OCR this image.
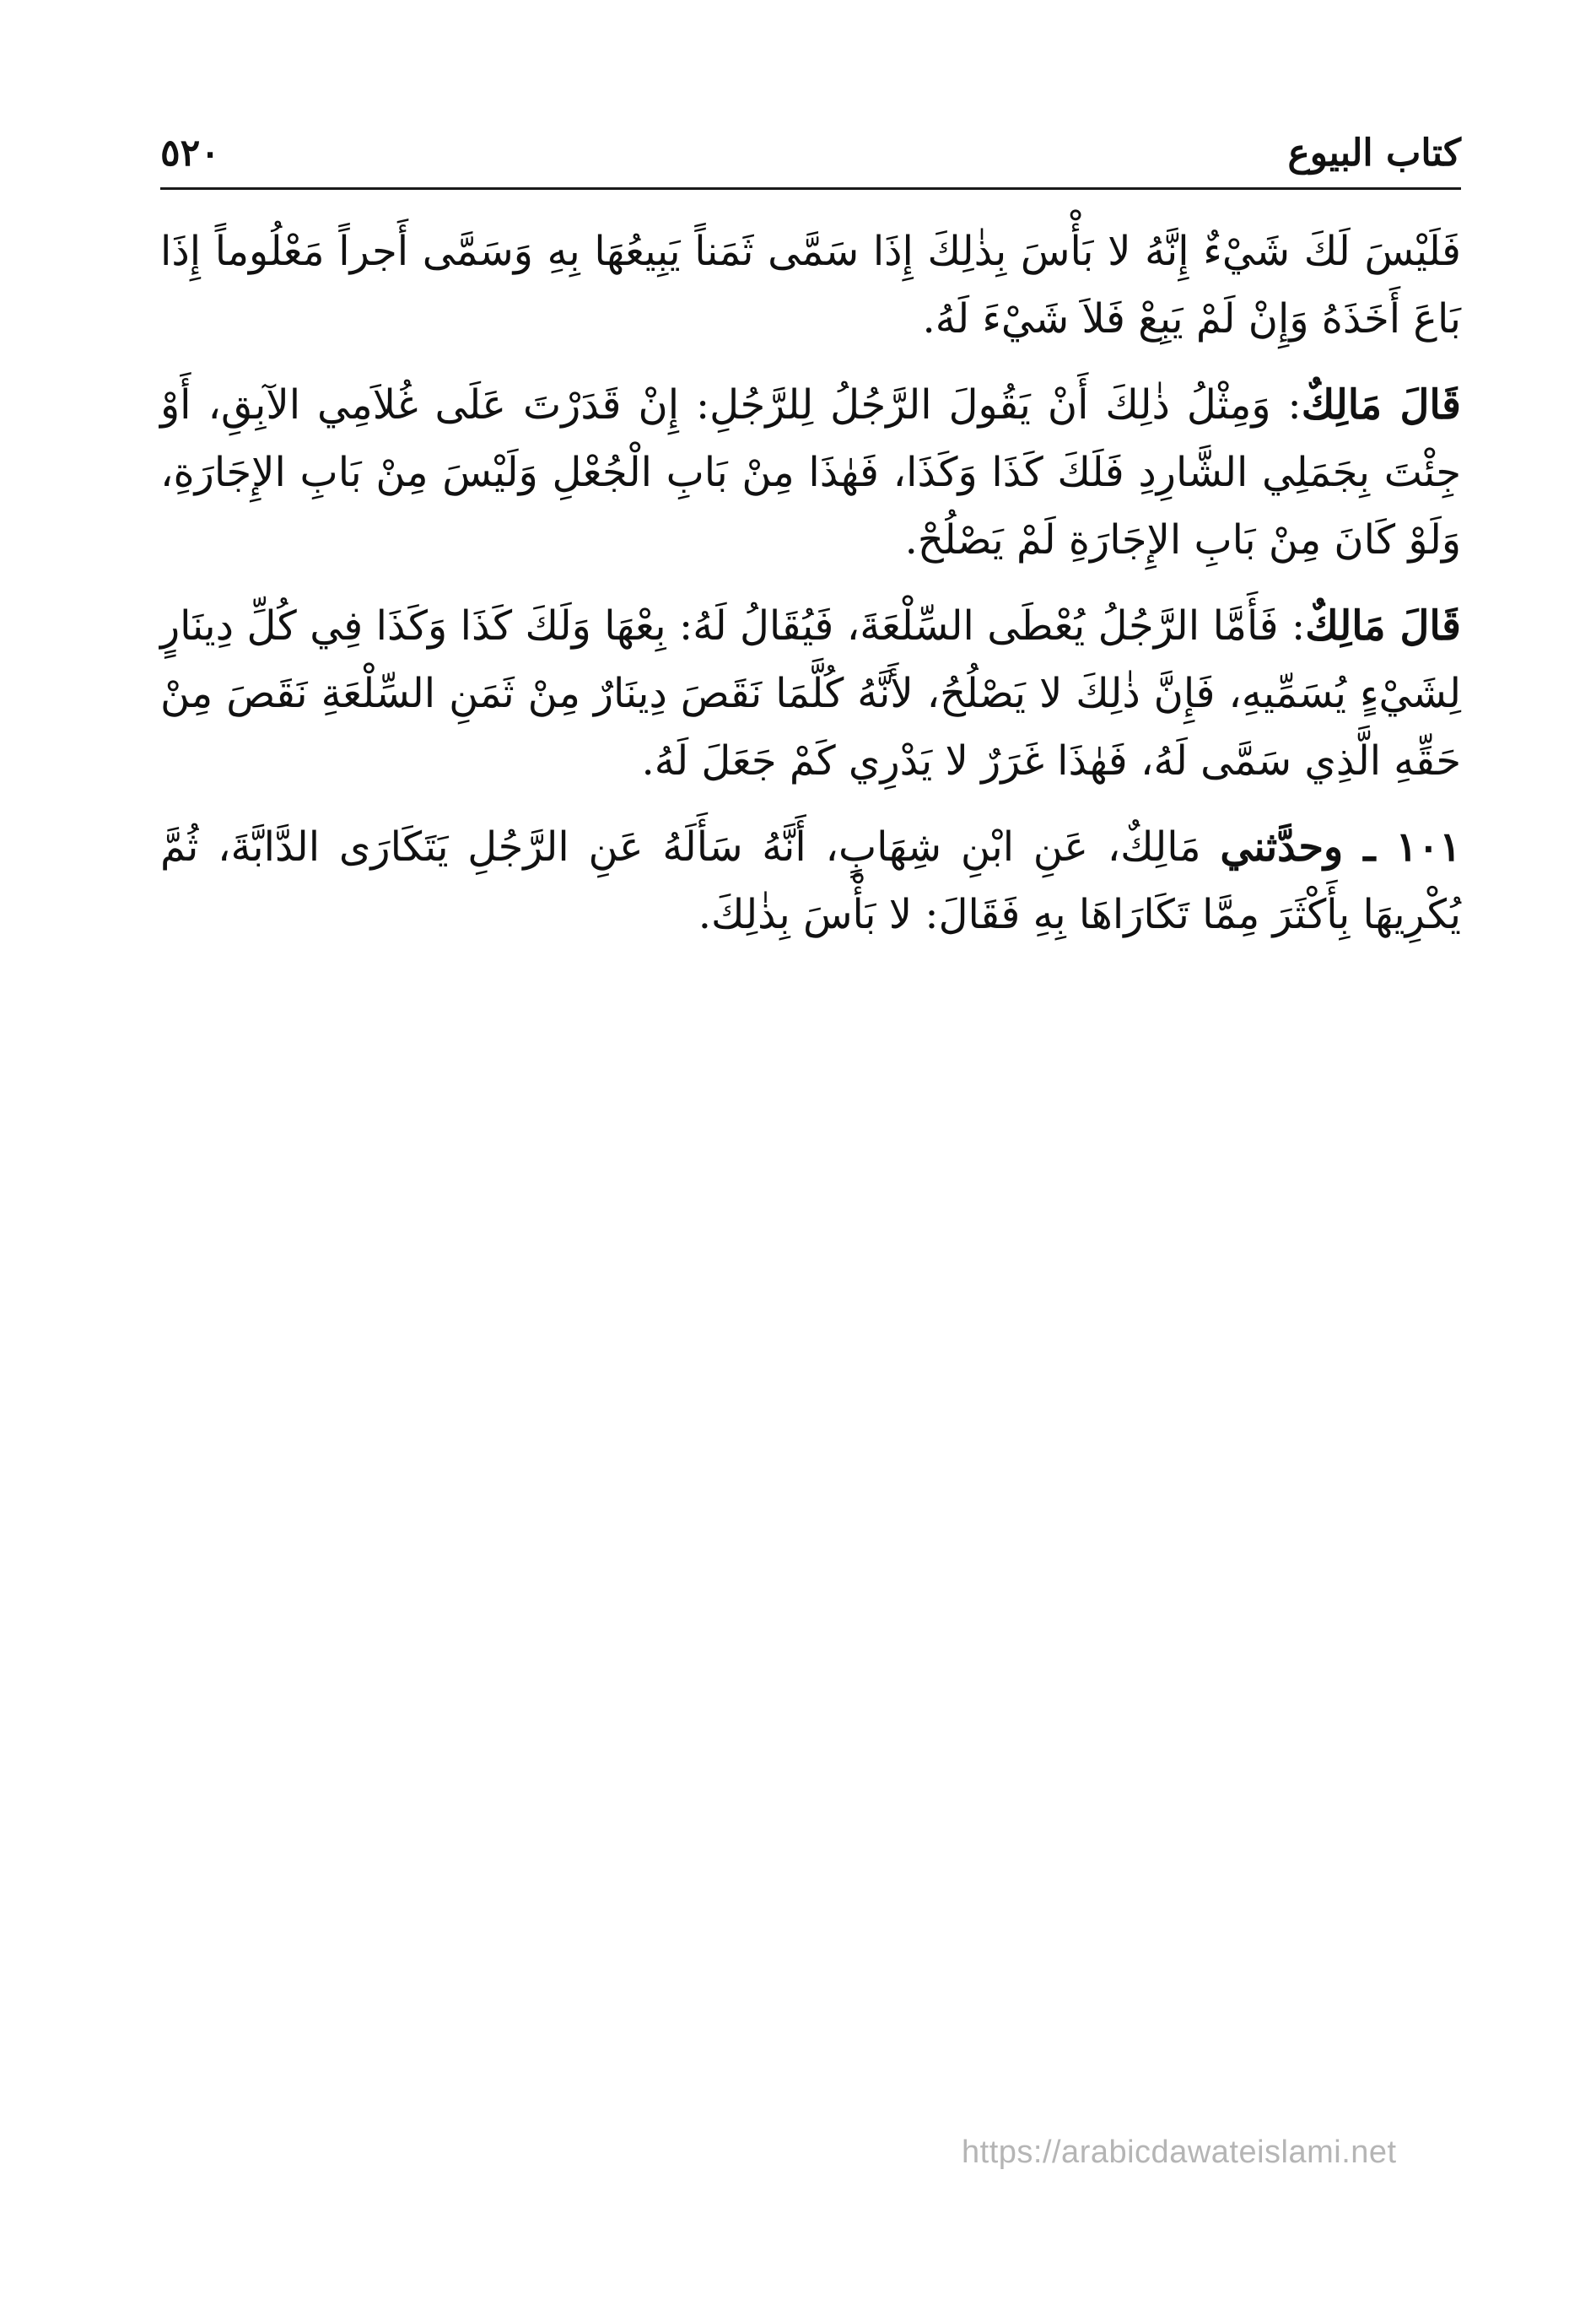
٥٢٠	كتاب البيوع

فَلَيْسَ لَكَ شَيْءٌ إِنَّهُ لا بَأْسَ بِذٰلِكَ إِذَا سَمَّى ثَمَناً يَبِيعُهَا بِهِ وَسَمَّى أَجراً مَعْلُوماً إِذَا بَاعَ أَخَذَهُ وَإِنْ لَمْ يَبِعْ فَلاَ شَيْءَ لَهُ.

قَالَ مَالِكٌ: وَمِثْلُ ذٰلِكَ أَنْ يَقُولَ الرَّجُلُ لِلرَّجُلِ: إِنْ قَدَرْتَ عَلَى غُلاَمِي الآبِقِ، أَوْ جِئْتَ بِجَمَلِي الشَّارِدِ فَلَكَ كَذَا وَكَذَا، فَهٰذَا مِنْ بَابِ الْجُعْلِ وَلَيْسَ مِنْ بَابِ الإِجَارَةِ، وَلَوْ كَانَ مِنْ بَابِ الإِجَارَةِ لَمْ يَصْلُحْ.

قَالَ مَالِكٌ: فَأَمَّا الرَّجُلُ يُعْطَى السِّلْعَةَ، فَيُقَالُ لَهُ: بِعْهَا وَلَكَ كَذَا وَكَذَا فِي كُلِّ دِينَارٍ لِشَيْءٍ يُسَمِّيهِ، فَإِنَّ ذٰلِكَ لا يَصْلُحُ، لأَنَّهُ كُلَّمَا نَقَصَ دِينَارٌ مِنْ ثَمَنِ السِّلْعَةِ نَقَصَ مِنْ حَقِّهِ الَّذِي سَمَّى لَهُ، فَهٰذَا غَرَرٌ لا يَدْرِي كَمْ جَعَلَ لَهُ.

١٠١ ـ وحدَّثني مَالِكٌ، عَنِ ابْنِ شِهَابٍ، أَنَّهُ سَأَلَهُ عَنِ الرَّجُلِ يَتَكَارَى الدَّابَّةَ، ثُمَّ يُكْرِيهَا بِأَكْثَرَ مِمَّا تَكَارَاهَا بِهِ فَقَالَ: لا بَأْسَ بِذٰلِكَ.

https://arabicdawateislami.net
